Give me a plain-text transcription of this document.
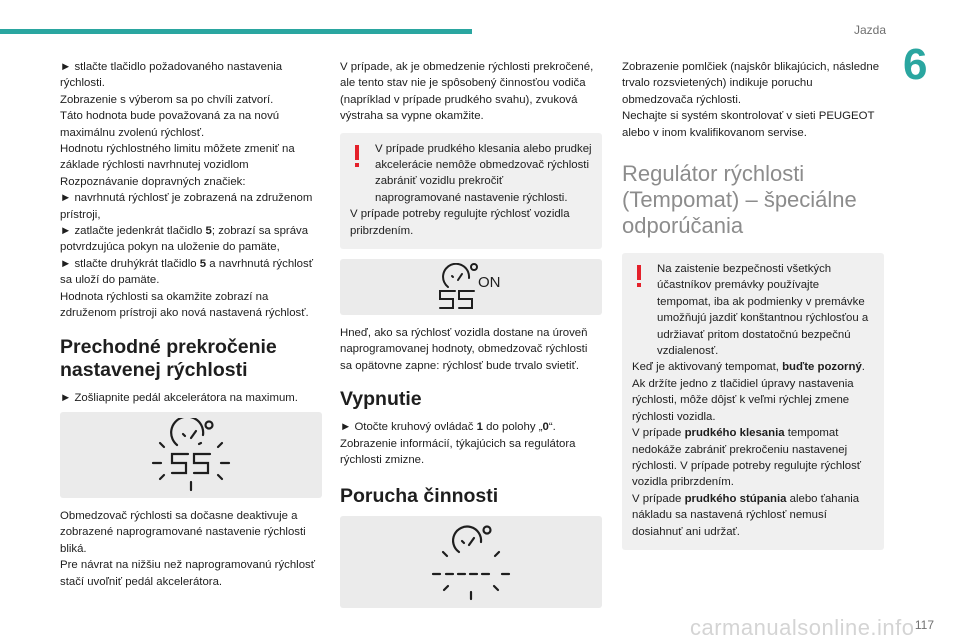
Jazda
6

► stlačte tlačidlo požadovaného nastavenia rýchlosti.

Zobrazenie s výberom sa po chvíli zatvorí.

Táto hodnota bude považovaná za na novú maximálnu zvolenú rýchlosť.

Hodnotu rýchlostného limitu môžete zmeniť na základe rýchlosti navrhnutej vozidlom Rozpoznávanie dopravných značiek:

► navrhnutá rýchlosť je zobrazená na združenom prístroji,

► zatlačte jedenkrát tlačidlo 5; zobrazí sa správa potvrdzujúca pokyn na uloženie do pamäte,

► stlačte druhýkrát tlačidlo 5 a navrhnutá rýchlosť sa uloží do pamäte.

Hodnota rýchlosti sa okamžite zobrazí na združenom prístroji ako nová nastavená rýchlosť.

Prechodné prekročenie nastavenej rýchlosti

► Zošliapnite pedál akcelerátora na maximum.

Obmedzovač rýchlosti sa dočasne deaktivuje a zobrazené naprogramované nastavenie rýchlosti bliká.

Pre návrat na nižšiu než naprogramovanú rýchlosť stačí uvoľniť pedál akcelerátora.

V prípade, ak je obmedzenie rýchlosti prekročené, ale tento stav nie je spôsobený činnosťou vodiča (napríklad v prípade prudkého svahu), zvuková výstraha sa vypne okamžite.

V prípade prudkého klesania alebo prudkej akcelerácie nemôže obmedzovač rýchlosti zabrániť vozidlu prekročiť naprogramované nastavenie rýchlosti.

V prípade potreby regulujte rýchlosť vozidla pribrzdením.

ON

Hneď, ako sa rýchlosť vozidla dostane na úroveň naprogramovanej hodnoty, obmedzovač rýchlosti sa opätovne zapne: rýchlosť bude trvalo svietiť.

Vypnutie

► Otočte kruhový ovládač 1 do polohy „0“.

Zobrazenie informácií, týkajúcich sa regulátora rýchlosti zmizne.

Porucha činnosti

Zobrazenie pomlčiek (najskôr blikajúcich, následne trvalo rozsvietených) indikuje poruchu obmedzovača rýchlosti.

Nechajte si systém skontrolovať v sieti PEUGEOT alebo v inom kvalifikovanom servise.

Regulátor rýchlosti (Tempomat) – špeciálne odporúčania

Na zaistenie bezpečnosti všetkých účastníkov premávky používajte tempomat, iba ak podmienky v premávke umožňujú jazdiť konštantnou rýchlosťou a udržiavať pritom dostatočnú bezpečnú vzdialenosť.

Keď je aktivovaný tempomat, buďte pozorný.

Ak držíte jedno z tlačidiel úpravy nastavenia rýchlosti, môže dôjsť k veľmi rýchlej zmene rýchlosti vozidla.

V prípade prudkého klesania tempomat nedokáže zabrániť prekročeniu nastavenej rýchlosti. V prípade potreby regulujte rýchlosť vozidla pribrzdením.

V prípade prudkého stúpania alebo ťahania nákladu sa nastavená rýchlosť nemusí dosiahnuť ani udržať.

117
carmanualsonline.info
